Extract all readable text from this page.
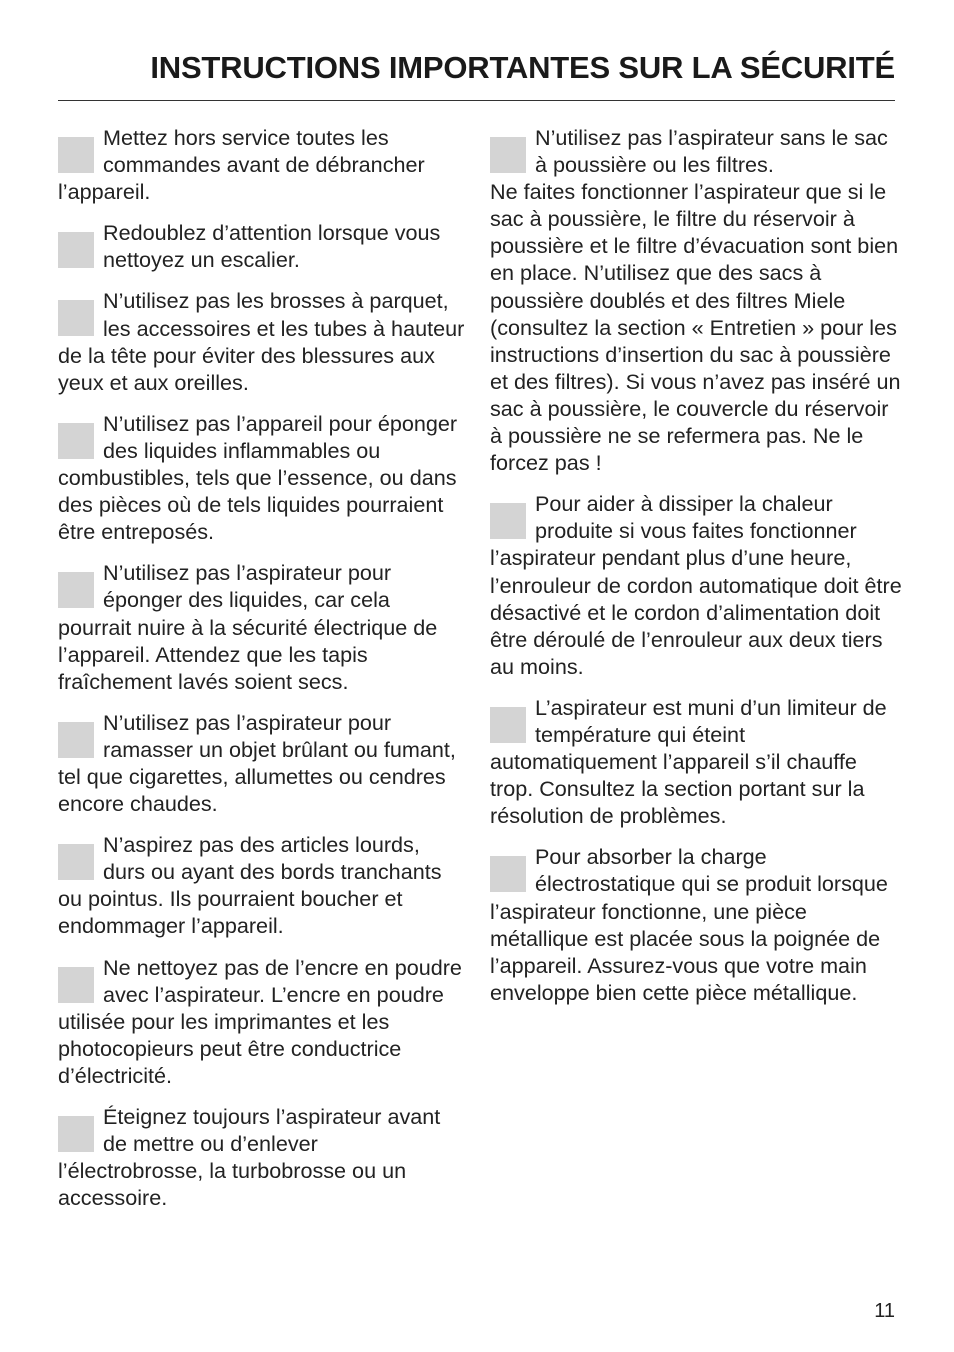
INSTRUCTIONS IMPORTANTES SUR LA SÉCURITÉ

Mettez hors service toutes les commandes avant de débrancher l’appareil.

Redoublez d’attention lorsque vous nettoyez un escalier.

N’utilisez pas les brosses à parquet, les accessoires et les tubes à hauteur de la tête pour éviter des blessures aux yeux et aux oreilles.

N’utilisez pas l’appareil pour éponger des liquides inflammables ou combustibles, tels que l’essence, ou dans des pièces où de tels liquides pourraient être entreposés.

N’utilisez pas l’aspirateur pour éponger des liquides, car cela pourrait nuire à la sécurité électrique de l’appareil. Attendez que les tapis fraîchement lavés soient secs.

N’utilisez pas l’aspirateur pour ramasser un objet brûlant ou fumant, tel que cigarettes, allumettes ou cendres encore chaudes.

N’aspirez pas des articles lourds, durs ou ayant des bords tranchants ou pointus. Ils pourraient boucher et endommager l’appareil.

Ne nettoyez pas de l’encre en poudre avec l’aspirateur. L’encre en poudre utilisée pour les imprimantes et les photocopieurs peut être conductrice d’électricité.

Éteignez toujours l’aspirateur avant de mettre ou d’enlever l’électrobrosse, la turbobrosse ou un accessoire.

N’utilisez pas l’aspirateur sans le sac à poussière ou les filtres.

Ne faites fonctionner l’aspirateur que si le sac à poussière, le filtre du réservoir à poussière et le filtre d’évacuation sont bien en place. N’utilisez que des sacs à poussière doublés et des filtres Miele (consultez la section « Entretien » pour les instructions d’insertion du sac à poussière et des filtres). Si vous n’avez pas inséré un sac à poussière, le couvercle du réservoir à poussière ne se refermera pas. Ne le forcez pas !

Pour aider à dissiper la chaleur produite si vous faites fonctionner l’aspirateur pendant plus d’une heure, l’enrouleur de cordon automatique doit être désactivé et le cordon d’alimentation doit être déroulé de l’enrouleur aux deux tiers au moins.

L’aspirateur est muni d’un limiteur de température qui éteint automatiquement l’appareil s’il chauffe trop. Consultez la section portant sur la résolution de problèmes.

Pour absorber la charge électrostatique qui se produit lorsque l’aspirateur fonctionne, une pièce métallique est placée sous la poignée de l’appareil. Assurez-vous que votre main enveloppe bien cette pièce métallique.

11
